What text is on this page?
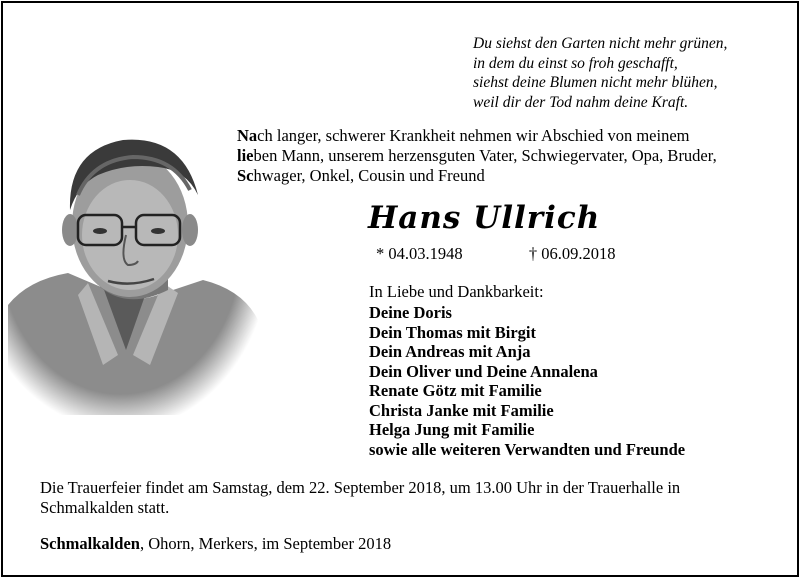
Du siehst den Garten nicht mehr grünen,
in dem du einst so froh geschafft,
siehst deine Blumen nicht mehr blühen,
weil dir der Tod nahm deine Kraft.
Nach langer, schwerer Krankheit nehmen wir Abschied von meinem
lieben Mann, unserem herzensguten Vater, Schwiegervater, Opa, Bruder,
Schwager, Onkel, Cousin und Freund
Hans Ullrich
* 04.03.1948	† 06.09.2018
In Liebe und Dankbarkeit:
Deine Doris
Dein Thomas mit Birgit
Dein Andreas mit Anja
Dein Oliver und Deine Annalena
Renate Götz mit Familie
Christa Janke mit Familie
Helga Jung mit Familie
sowie alle weiteren Verwandten und Freunde
Die Trauerfeier findet am Samstag, dem 22. September 2018, um 13.00 Uhr in der Trauerhalle in Schmalkalden statt.
Schmalkalden, Ohorn, Merkers, im September 2018
